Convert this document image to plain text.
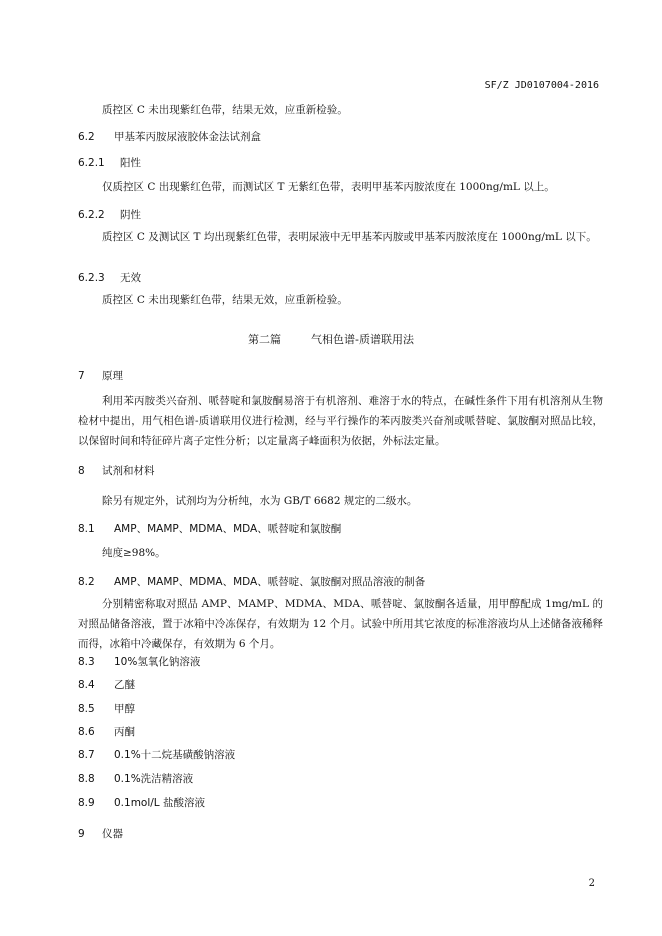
SF/Z JD0107004-2016
质控区 C 未出现紫红色带，结果无效，应重新检验。
6.2 甲基苯丙胺尿液胶体金法试剂盒
6.2.1 阳性
仅质控区 C 出现紫红色带，而测试区 T 无紫红色带，表明甲基苯丙胺浓度在 1000ng/mL 以上。
6.2.2 阴性
质控区 C 及测试区 T 均出现紫红色带，表明尿液中无甲基苯丙胺或甲基苯丙胺浓度在 1000ng/mL 以下。
6.2.3 无效
质控区 C 未出现紫红色带，结果无效，应重新检验。
第二篇	气相色谱-质谱联用法
7 原理
利用苯丙胺类兴奋剂、哌替啶和氯胺酮易溶于有机溶剂、难溶于水的特点，在碱性条件下用有机溶剂从生物检材中提出，用气相色谱-质谱联用仪进行检测，经与平行操作的苯丙胺类兴奋剂或哌替啶、氯胺酮对照品比较，以保留时间和特征碎片离子定性分析；以定量离子峰面积为依据，外标法定量。
8 试剂和材料
除另有规定外，试剂均为分析纯，水为 GB/T 6682 规定的二级水。
8.1 AMP、MAMP、MDMA、MDA、哌替啶和氯胺酮
纯度≥98%。
8.2 AMP、MAMP、MDMA、MDA、哌替啶、氯胺酮对照品溶液的制备
分别精密称取对照品 AMP、MAMP、MDMA、MDA、哌替啶、氯胺酮各适量，用甲醇配成 1mg/mL 的对照品储备溶液，置于冰箱中冷冻保存，有效期为 12 个月。试验中所用其它浓度的标准溶液均从上述储备液稀释而得，冰箱中冷藏保存，有效期为 6 个月。
8.3 10%氢氧化钠溶液
8.4 乙醚
8.5 甲醇
8.6 丙酮
8.7 0.1%十二烷基磺酸钠溶液
8.8 0.1%洗洁精溶液
8.9 0.1mol/L 盐酸溶液
9 仪器
2
